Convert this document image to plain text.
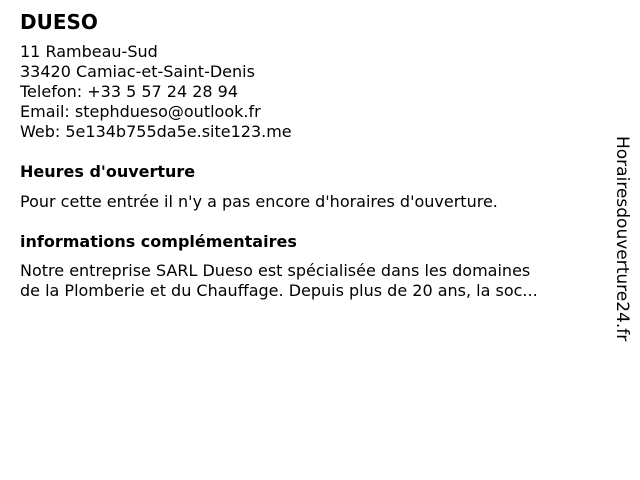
DUESO
11 Rambeau-Sud
33420 Camiac-et-Saint-Denis
Telefon: +33 5 57 24 28 94
Email: stephdueso@outlook.fr
Web: 5e134b755da5e.site123.me
Heures d'ouverture
Pour cette entrée il n'y a pas encore d'horaires d'ouverture.
informations complémentaires
Notre entreprise SARL Dueso est spécialisée dans les domaines
de la Plomberie et du Chauffage. Depuis plus de 20 ans, la soc...	Horairesdouverture24.fr
